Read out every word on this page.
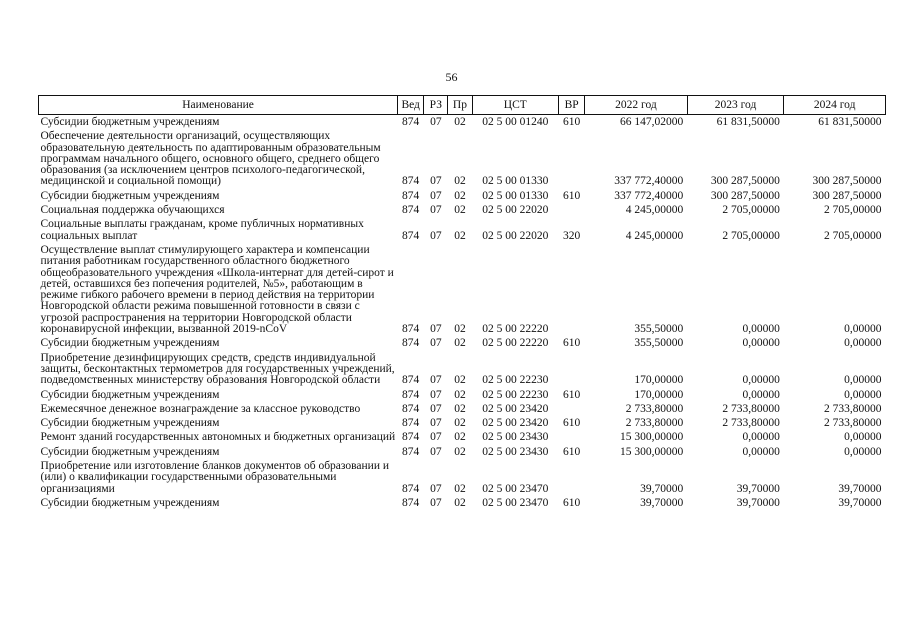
56
Наименование	Вед	РЗ	Пр	ЦСТ	ВР	2022 год	2023 год	2024 год
Субсидии бюджетным учреждениям	874	07	02	02 5 00 01240	610	66 147,02000	61 831,50000	61 831,50000
Обеспечение деятельности организаций, осуществляющих образовательную деятельность по адаптированным образовательным программам начального общего, основного общего, среднего общего образования (за исключением центров психолого-педагогической, медицинской и социальной помощи)	874	07	02	02 5 00 01330		337 772,40000	300 287,50000	300 287,50000
Субсидии бюджетным учреждениям	874	07	02	02 5 00 01330	610	337 772,40000	300 287,50000	300 287,50000
Социальная поддержка обучающихся	874	07	02	02 5 00 22020		4 245,00000	2 705,00000	2 705,00000
Социальные выплаты гражданам, кроме публичных нормативных социальных выплат	874	07	02	02 5 00 22020	320	4 245,00000	2 705,00000	2 705,00000
Осуществление выплат стимулирующего характера и компенсации питания работникам государственного областного бюджетного общеобразовательного учреждения «Школа-интернат для детей-сирот и детей, оставшихся без попечения родителей, №5», работающим в режиме гибкого рабочего времени в период действия на территории Новгородской области режима повышенной готовности в связи с угрозой распространения на территории Новгородской области коронавирусной инфекции, вызванной 2019-nCoV	874	07	02	02 5 00 22220		355,50000	0,00000	0,00000
Субсидии бюджетным учреждениям	874	07	02	02 5 00 22220	610	355,50000	0,00000	0,00000
Приобретение дезинфицирующих средств, средств индивидуальной защиты, бесконтактных термометров для государственных учреждений, подведомственных министерству образования Новгородской области	874	07	02	02 5 00 22230		170,00000	0,00000	0,00000
Субсидии бюджетным учреждениям	874	07	02	02 5 00 22230	610	170,00000	0,00000	0,00000
Ежемесячное денежное вознаграждение за классное руководство	874	07	02	02 5 00 23420		2 733,80000	2 733,80000	2 733,80000
Субсидии бюджетным учреждениям	874	07	02	02 5 00 23420	610	2 733,80000	2 733,80000	2 733,80000
Ремонт зданий государственных автономных и бюджетных организаций	874	07	02	02 5 00 23430		15 300,00000	0,00000	0,00000
Субсидии бюджетным учреждениям	874	07	02	02 5 00 23430	610	15 300,00000	0,00000	0,00000
Приобретение или изготовление бланков документов об образовании и (или) о квалификации государственными образовательными организациями	874	07	02	02 5 00 23470		39,70000	39,70000	39,70000
Субсидии бюджетным учреждениям	874	07	02	02 5 00 23470	610	39,70000	39,70000	39,70000
